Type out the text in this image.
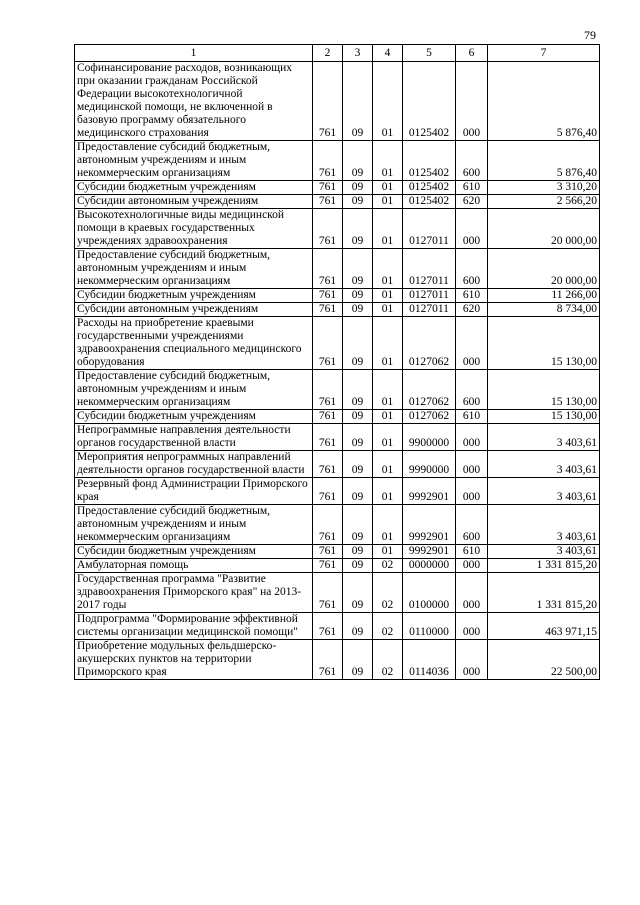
79
1	2	3	4	5	6	7
Софинансирование расходов, возникающих при оказании гражданам Российской Федерации высокотехнологичной медицинской помощи, не включенной в базовую программу обязательного медицинского страхования	761	09	01	0125402	000	5 876,40
Предоставление субсидий бюджетным, автономным учреждениям и иным некоммерческим организациям	761	09	01	0125402	600	5 876,40
Субсидии бюджетным учреждениям	761	09	01	0125402	610	3 310,20
Субсидии автономным учреждениям	761	09	01	0125402	620	2 566,20
Высокотехнологичные виды медицинской помощи в краевых государственных учреждениях здравоохранения	761	09	01	0127011	000	20 000,00
Предоставление субсидий бюджетным, автономным учреждениям и иным некоммерческим организациям	761	09	01	0127011	600	20 000,00
Субсидии бюджетным учреждениям	761	09	01	0127011	610	11 266,00
Субсидии автономным учреждениям	761	09	01	0127011	620	8 734,00
Расходы на приобретение краевыми государственными учреждениями здравоохранения специального медицинского оборудования	761	09	01	0127062	000	15 130,00
Предоставление субсидий бюджетным, автономным учреждениям и иным некоммерческим организациям	761	09	01	0127062	600	15 130,00
Субсидии бюджетным учреждениям	761	09	01	0127062	610	15 130,00
Непрограммные направления деятельности органов государственной власти	761	09	01	9900000	000	3 403,61
Мероприятия непрограммных направлений деятельности органов государственной власти	761	09	01	9990000	000	3 403,61
Резервный фонд Администрации Приморского края	761	09	01	9992901	000	3 403,61
Предоставление субсидий бюджетным, автономным учреждениям и иным некоммерческим организациям	761	09	01	9992901	600	3 403,61
Субсидии бюджетным учреждениям	761	09	01	9992901	610	3 403,61
Амбулаторная помощь	761	09	02	0000000	000	1 331 815,20
Государственная программа "Развитие здравоохранения Приморского края" на 2013-2017 годы	761	09	02	0100000	000	1 331 815,20
Подпрограмма "Формирование эффективной системы организации медицинской помощи"	761	09	02	0110000	000	463 971,15
Приобретение модульных фельдшерско-акушерских пунктов на территории Приморского края	761	09	02	0114036	000	22 500,00
